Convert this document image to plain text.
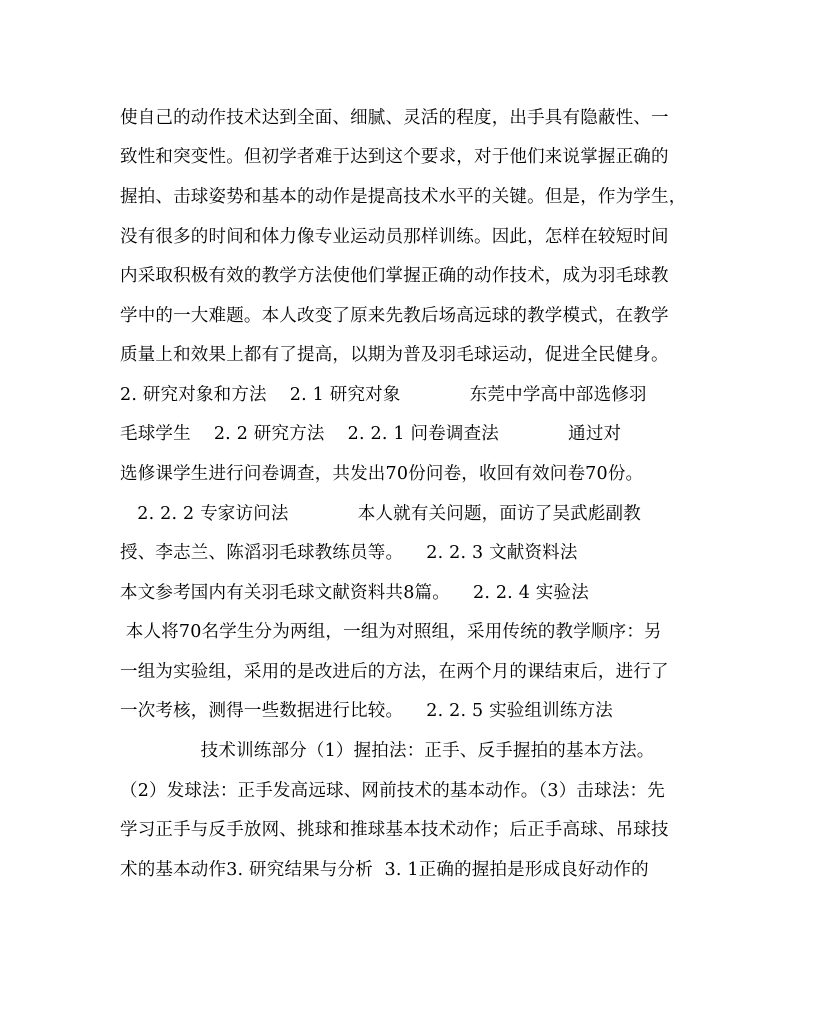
使自己的动作技术达到全面、细腻、灵活的程度，出手具有隐蔽性、一
致性和突变性。但初学者难于达到这个要求，对于他们来说掌握正确的
握拍、击球姿势和基本的动作是提高技术水平的关键。但是，作为学生，
没有很多的时间和体力像专业运动员那样训练。因此，怎样在较短时间
内采取积极有效的教学方法使他们掌握正确的动作技术，成为羽毛球教
学中的一大难题。本人改变了原来先教后场高远球的教学模式，在教学
质量上和效果上都有了提高，以期为普及羽毛球运动，促进全民健身。
2. 研究对象和方法    2. 1 研究对象            东莞中学高中部选修羽
毛球学生    2. 2 研究方法    2. 2. 1 问卷调查法            通过对
选修课学生进行问卷调查，共发出70份问卷，收回有效问卷70份。
2. 2. 2 专家访问法            本人就有关问题，面访了吴武彪副教
授、李志兰、陈滔羽毛球教练员等。    2. 2. 3 文献资料法
本文参考国内有关羽毛球文献资料共8篇。    2. 2. 4 实验法
本人将70名学生分为两组，一组为对照组，采用传统的教学顺序：另
一组为实验组，采用的是改进后的方法，在两个月的课结束后，进行了
一次考核，测得一些数据进行比较。    2. 2. 5 实验组训练方法
技术训练部分（1）握拍法：正手、反手握拍的基本方法。
（2）发球法：正手发高远球、网前技术的基本动作。（3）击球法：先
学习正手与反手放网、挑球和推球基本技术动作；后正手高球、吊球技
术的基本动作3. 研究结果与分析  3. 1正确的握拍是形成良好动作的
